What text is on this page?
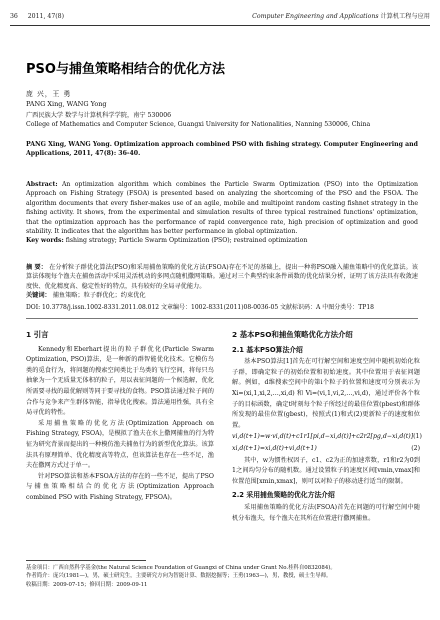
36 2011, 47(8)	Computer Engineering and Applications 计算机工程与应用
PSO与捕鱼策略相结合的优化方法
庞 兴，王 勇
PANG Xing, WANG Yong
广西民族大学 数学与计算机科学学院，南宁 530006
College of Mathematics and Computer Science, Guangxi University for Nationalities, Nanning 530006, China
PANG Xing, WANG Yong. Optimization approach combined PSO with fishing strategy. Computer Engineering and Applications, 2011, 47(8): 36-40.
Abstract: An optimization algorithm which combines the Particle Swarm Optimization (PSO) into the Optimization Approach on Fishing Strategy (FSOA) is presented based on analyzing the shortcoming of the PSO and the FSOA. The algorithm documents that every fisher-makes use of an agile, mobile and multipoint random casting fishnet strategy in the fishing activity. It shows, from the experimental and simulation results of three typical restrained functions' optimization, that the optimization approach has the performance of rapid convergence rate, high precision of optimization and good stability. It indicates that the algorithm has better performance in global optimization.
Key words: fishing strategy; Particle Swarm Optimization (PSO); restrained optimization
摘 要： 在分析粒子群优化算法(PSO)和采用捕鱼策略的优化方法(FSOA)存在不足的基础上，提出一种将PSO融入捕鱼策略中的优化算法。该算法体现每个渔夫在捕鱼活动中采用灵活机动的多网点随机撒网策略。通过对三个典型约束条件函数的优化结果分析，证明了该方法具有收敛速度快、优化精度高、稳定性好的特点，具有较好的全局寻优能力。
关键词： 捕鱼策略；粒子群优化；约束优化
DOI: 10.3778/j.issn.1002-8331.2011.08.012 文章编号：1002-8331(2011)08-0036-05 文献标识码：A 中图分类号：TP18
1 引言

Kennedy和Eberhart提出的粒子群优化(Particle Swarm Optimization, PSO)算法，是一种新的群智能优化技术。它模仿鸟类的觅食行为，将问题的搜索空间类比于鸟类的飞行空间，将每只鸟抽象为一个无质量无体积的粒子，用以表征问题的一个候选解，优化所需要寻找的最优解则等同于要寻找的食物。PSO算法通过粒子间的合作与竞争来产生群体智能，指导优化搜索。算法通用性强，具有全局寻优的特性。

采用捕鱼策略的优化方法(Optimization Approach on Fishing Strategy, FSOA)，是模拟了渔夫在水上撒网捕鱼的行为特征为研究背景而提出的一种模仿渔夫捕鱼行为的新型优化算法。该算法具有原理简单、优化精度高等特点，但该算法也存在一些不足，渔夫在撒网方式过于单一。

针对PSO算法和基本FSOA方法的存在的一些不足，提出了PSO与捕鱼策略相结合的优化方法(Optimization Approach combined PSO with Fishing Strategy, FPSOA)。

2 基本PSO和捕鱼策略优化方法介绍
2.1 基本PSO算法介绍

基本PSO算法[1]首先在可行解空间和速度空间中随机初始化粒子群，即确定粒子的初始位置和初始速度。其中位置用于表征问题解。例如，d维搜索空间中的第i个粒子的位置和速度可分别表示为 Xi=(xi,1,xi,2,…,xi,d) 和 Vi=(vi,1,vi,2,…,vi,d)，通过评价各个粒子的目标函数，确定t时刻每个粒子所经过的最佳位置(pbest)和群体所发现的最佳位置(gbest)，按照式(1)和式(2)更新粒子的速度和位置。

vi,d(t+1)=w·vi,d(t)+c1r1[pi,d−xi,d(t)]+c2r2[pg,d−xi,d(t)] (1)
xi,d(t+1)=xi,d(t)+vi,d(t+1)	(2)

其中，w为惯性权因子，c1、c2为正的加速常数，r1和r2为0到1之间均匀分布的随机数。通过设置粒子的速度区间[vmin,vmax]和位置范围[xmin,xmax]，则可以对粒子的移动进行适当的限制。

2.2 采用捕鱼策略的优化方法介绍

采用捕鱼策略的优化方法(FSOA)首先在问题的可行解空间中随机分布渔夫，每个渔夫在其所在位置进行撒网捕鱼。

基金项目：广西自然科学基金(the Natural Science Foundation of Guangxi of China under Grant No.桂科自0832084)。
作者简介：庞兴(1981—)，男，硕士研究生，主要研究方向为智能计算、数据挖掘等；王勇(1963—)，男，教授，硕士生导师。
收稿日期：2009-07-15；修回日期：2009-09-11
